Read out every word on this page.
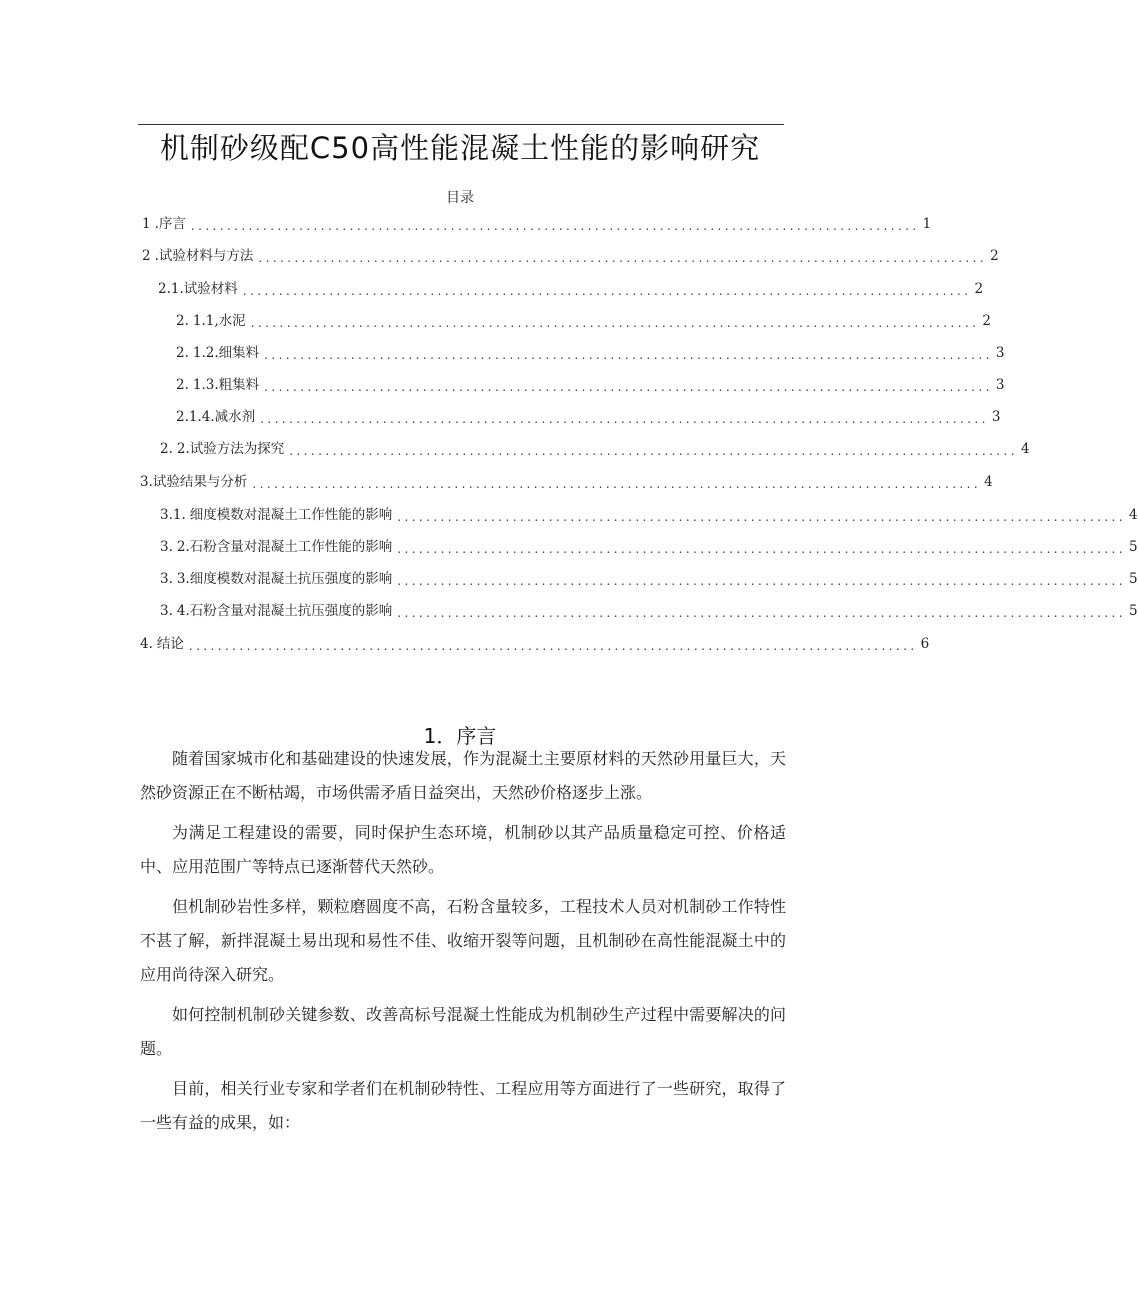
机制砂级配C50高性能混凝土性能的影响研究
目录
1 .序言 ..................................................................................................... 1
2 .试验材料与方法 ..................................................................................................... 2
2.1.试验材料 ..................................................................................................... 2
2. 1.1,水泥 ..................................................................................................... 2
2. 1.2.细集料 ..................................................................................................... 3
2. 1.3.粗集料 ..................................................................................................... 3
2.1.4.减水剂 ..................................................................................................... 3
2. 2.试验方法为探究 ..................................................................................................... 4
3.试验结果与分析 ..................................................................................................... 4
3.1. 细度模数对混凝土工作性能的影响 ..................................................................................................... 4
3. 2.石粉含量对混凝土工作性能的影响 ..................................................................................................... 5
3. 3.细度模数对混凝土抗压强度的影响 ..................................................................................................... 5
3. 4.石粉含量对混凝土抗压强度的影响 ..................................................................................................... 5
4. 结论 ..................................................................................................... 6
1．序言

随着国家城市化和基础建设的快速发展，作为混凝土主要原材料的天然砂用量巨大，天然砂资源正在不断枯竭，市场供需矛盾日益突出，天然砂价格逐步上涨。

为满足工程建设的需要，同时保护生态环境，机制砂以其产品质量稳定可控、价格适中、应用范围广等特点已逐渐替代天然砂。

但机制砂岩性多样，颗粒磨圆度不高，石粉含量较多，工程技术人员对机制砂工作特性不甚了解，新拌混凝土易出现和易性不佳、收缩开裂等问题，且机制砂在高性能混凝土中的应用尚待深入研究。

如何控制机制砂关键参数、改善高标号混凝土性能成为机制砂生产过程中需要解决的问题。

目前，相关行业专家和学者们在机制砂特性、工程应用等方面进行了一些研究，取得了一些有益的成果，如：
